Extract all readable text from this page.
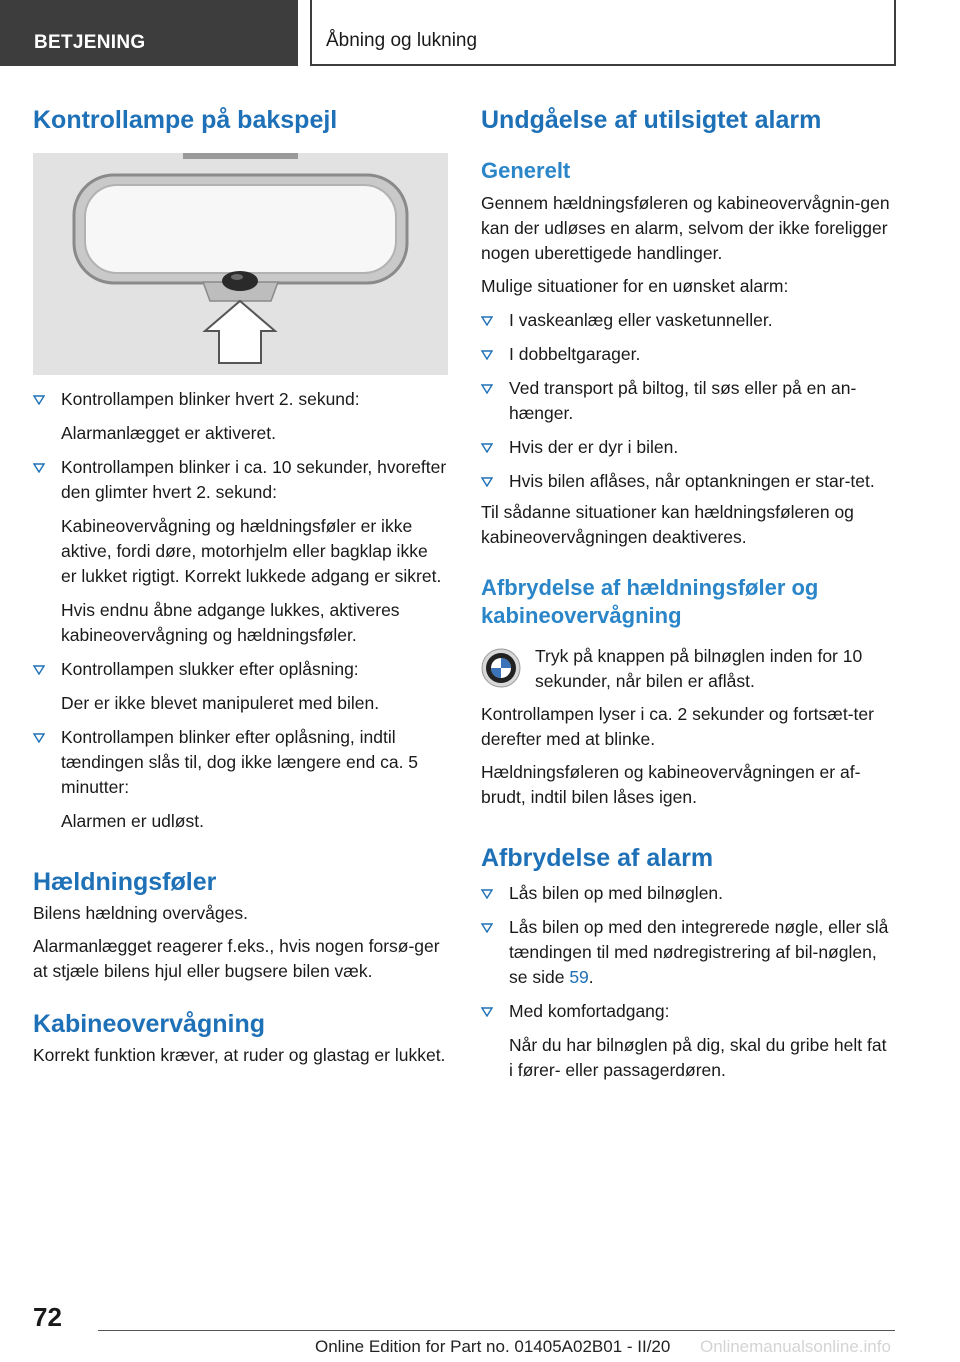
BETJENING	Åbning og lukning
Kontrollampe på bakspejl
Kontrollampen blinker hvert 2. sekund:

Alarmanlægget er aktiveret.

Kontrollampen blinker i ca. 10 sekunder, hvorefter den glimter hvert 2. sekund:

Kabineovervågning og hældningsføler er ikke aktive, fordi døre, motorhjelm eller bagklap ikke er lukket rigtigt. Korrekt lukkede adgang er sikret.

Hvis endnu åbne adgange lukkes, aktiveres kabineovervågning og hældningsføler.

Kontrollampen slukker efter oplåsning:

Der er ikke blevet manipuleret med bilen.

Kontrollampen blinker efter oplåsning, indtil tændingen slås til, dog ikke længere end ca. 5 minutter:

Alarmen er udløst.

Hældningsføler

Bilens hældning overvåges.

Alarmanlægget reagerer f.eks., hvis nogen forsø‐ger at stjæle bilens hjul eller bugsere bilen væk.

Kabineovervågning

Korrekt funktion kræver, at ruder og glastag er lukket.

Undgåelse af utilsigtet alarm
Generelt

Gennem hældningsføleren og kabineovervågnin‐gen kan der udløses en alarm, selvom der ikke foreligger nogen uberettigede handlinger.

Mulige situationer for en uønsket alarm:

I vaskeanlæg eller vasketunneller.
I dobbeltgarager.
Ved transport på biltog, til søs eller på en an‐hænger.
Hvis der er dyr i bilen.
Hvis bilen aflåses, når optankningen er star‐tet.

Til sådanne situationer kan hældningsføleren og kabineovervågningen deaktiveres.

Afbrydelse af hældningsføler og kabineovervågning

Tryk på knappen på bilnøglen inden for 10 sekunder, når bilen er aflåst.

Kontrollampen lyser i ca. 2 sekunder og fortsæt‐ter derefter med at blinke.

Hældningsføleren og kabineovervågningen er af‐brudt, indtil bilen låses igen.

Afbrydelse af alarm
Lås bilen op med bilnøglen.
Lås bilen op med den integrerede nøgle, eller slå tændingen til med nødregistrering af bil‐nøglen, se side 59.
Med komfortadgang:

Når du har bilnøglen på dig, skal du gribe helt fat i fører- eller passagerdøren.

72
Online Edition for Part no. 01405A02B01 - II/20 Onlinemanualsonline.info
